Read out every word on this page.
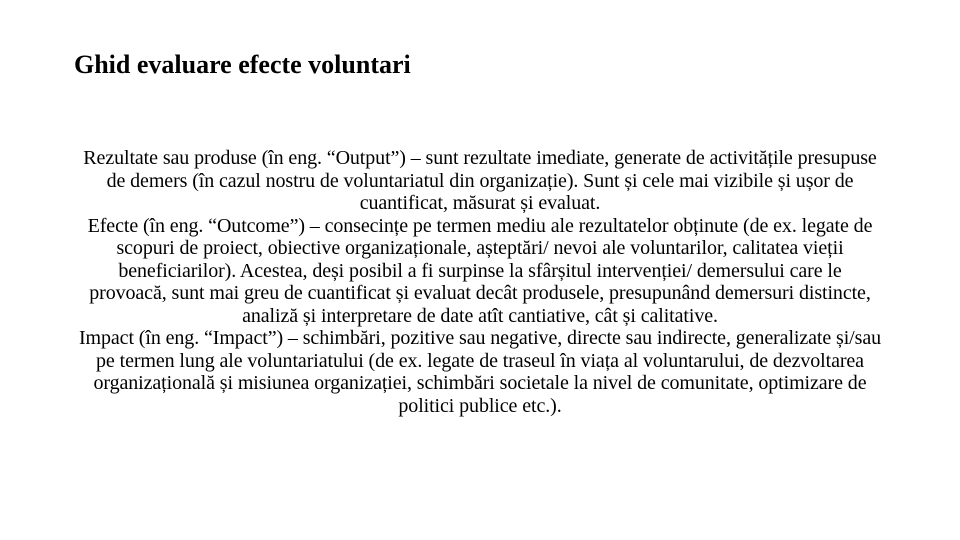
Ghid evaluare efecte voluntari

Rezultate sau produse (în eng. “Output”) – sunt rezultate imediate, generate de activitățile presupuse de demers (în cazul nostru de voluntariatul din organizație). Sunt și cele mai vizibile și ușor de cuantificat, măsurat și evaluat.

Efecte (în eng. “Outcome”) – consecințe pe termen mediu ale rezultatelor obținute (de ex. legate de scopuri de proiect, obiective organizaționale, așteptări/ nevoi ale voluntarilor, calitatea vieții beneficiarilor). Acestea, deși posibil a fi surpinse la sfârșitul intervenției/ demersului care le provoacă, sunt mai greu de cuantificat și evaluat decât produsele, presupunând demersuri distincte, analiză și interpretare de date atît cantiative, cât și calitative.

Impact (în eng. “Impact”) – schimbări, pozitive sau negative, directe sau indirecte, generalizate și/sau pe termen lung ale voluntariatului (de ex. legate de traseul în viața al voluntarului, de dezvoltarea organizațională și misiunea organizației, schimbări societale la nivel de comunitate, optimizare de politici publice etc.).
